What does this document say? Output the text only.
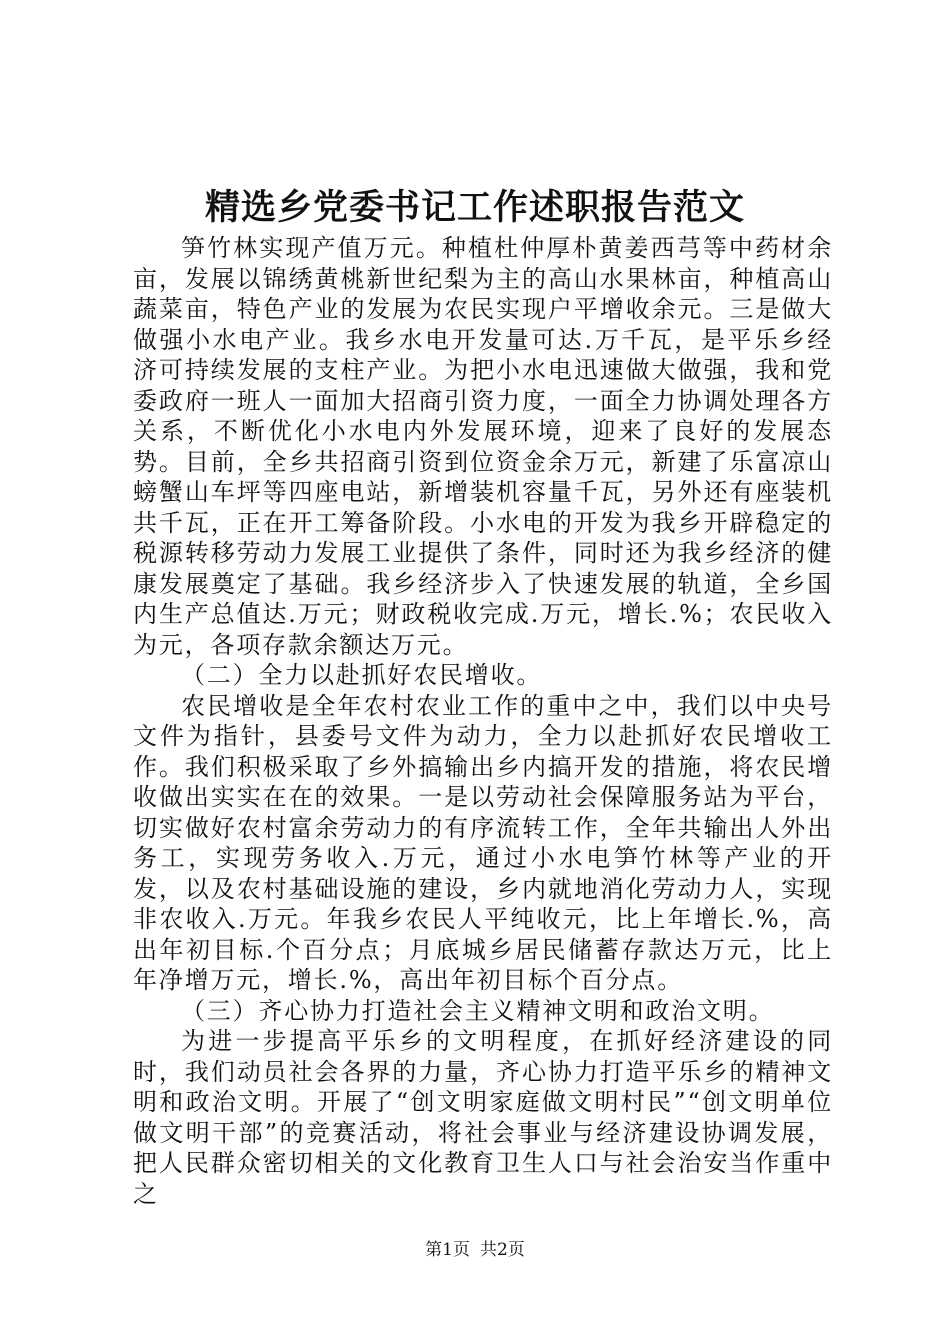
精选乡党委书记工作述职报告范文

笋竹林实现产值万元。种植杜仲厚朴黄姜西芎等中药材余亩，发展以锦绣黄桃新世纪梨为主的高山水果林亩，种植高山蔬菜亩，特色产业的发展为农民实现户平增收余元。三是做大做强小水电产业。我乡水电开发量可达.万千瓦，是平乐乡经济可持续发展的支柱产业。为把小水电迅速做大做强，我和党委政府一班人一面加大招商引资力度，一面全力协调处理各方关系，不断优化小水电内外发展环境，迎来了良好的发展态势。目前，全乡共招商引资到位资金余万元，新建了乐富凉山螃蟹山车坪等四座电站，新增装机容量千瓦，另外还有座装机共千瓦，正在开工筹备阶段。小水电的开发为我乡开辟稳定的税源转移劳动力发展工业提供了条件，同时还为我乡经济的健康发展奠定了基础。我乡经济步入了快速发展的轨道，全乡国内生产总值达.万元；财政税收完成.万元，增长.%；农民收入为元，各项存款余额达万元。

（二）全力以赴抓好农民增收。

农民增收是全年农村农业工作的重中之中，我们以中央号文件为指针，县委号文件为动力，全力以赴抓好农民增收工作。我们积极采取了乡外搞输出乡内搞开发的措施，将农民增收做出实实在在的效果。一是以劳动社会保障服务站为平台，切实做好农村富余劳动力的有序流转工作，全年共输出人外出务工，实现劳务收入.万元，通过小水电笋竹林等产业的开发，以及农村基础设施的建设，乡内就地消化劳动力人，实现非农收入.万元。年我乡农民人平纯收元，比上年增长.%，高出年初目标.个百分点；月底城乡居民储蓄存款达万元，比上年净增万元，增长.%，高出年初目标个百分点。

（三）齐心协力打造社会主义精神文明和政治文明。

为进一步提高平乐乡的文明程度，在抓好经济建设的同时，我们动员社会各界的力量，齐心协力打造平乐乡的精神文明和政治文明。开展了“创文明家庭做文明村民”“创文明单位做文明干部”的竞赛活动，将社会事业与经济建设协调发展，把人民群众密切相关的文化教育卫生人口与社会治安当作重中之

第1页 共2页
